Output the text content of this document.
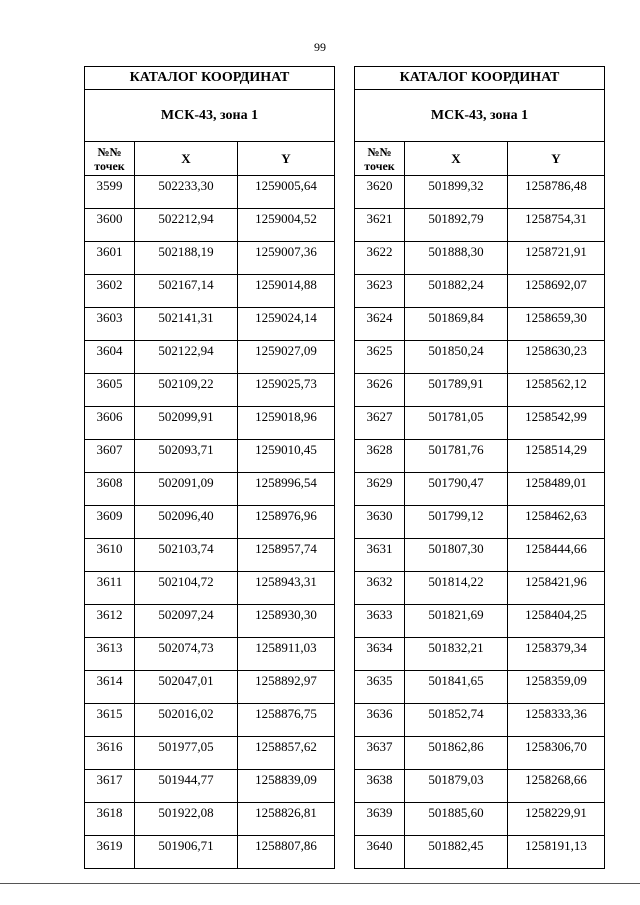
99
КАТАЛОГ КООРДИНАТ		
МСК-43, зона 1		
№№ точек	X	Y
3599	502233,30	1259005,64
3600	502212,94	1259004,52
3601	502188,19	1259007,36
3602	502167,14	1259014,88
3603	502141,31	1259024,14
3604	502122,94	1259027,09
3605	502109,22	1259025,73
3606	502099,91	1259018,96
3607	502093,71	1259010,45
3608	502091,09	1258996,54
3609	502096,40	1258976,96
3610	502103,74	1258957,74
3611	502104,72	1258943,31
3612	502097,24	1258930,30
3613	502074,73	1258911,03
3614	502047,01	1258892,97
3615	502016,02	1258876,75
3616	501977,05	1258857,62
3617	501944,77	1258839,09
3618	501922,08	1258826,81
3619	501906,71	1258807,86
КАТАЛОГ КООРДИНАТ		
МСК-43, зона 1		
№№ точек	X	Y
3620	501899,32	1258786,48
3621	501892,79	1258754,31
3622	501888,30	1258721,91
3623	501882,24	1258692,07
3624	501869,84	1258659,30
3625	501850,24	1258630,23
3626	501789,91	1258562,12
3627	501781,05	1258542,99
3628	501781,76	1258514,29
3629	501790,47	1258489,01
3630	501799,12	1258462,63
3631	501807,30	1258444,66
3632	501814,22	1258421,96
3633	501821,69	1258404,25
3634	501832,21	1258379,34
3635	501841,65	1258359,09
3636	501852,74	1258333,36
3637	501862,86	1258306,70
3638	501879,03	1258268,66
3639	501885,60	1258229,91
3640	501882,45	1258191,13
